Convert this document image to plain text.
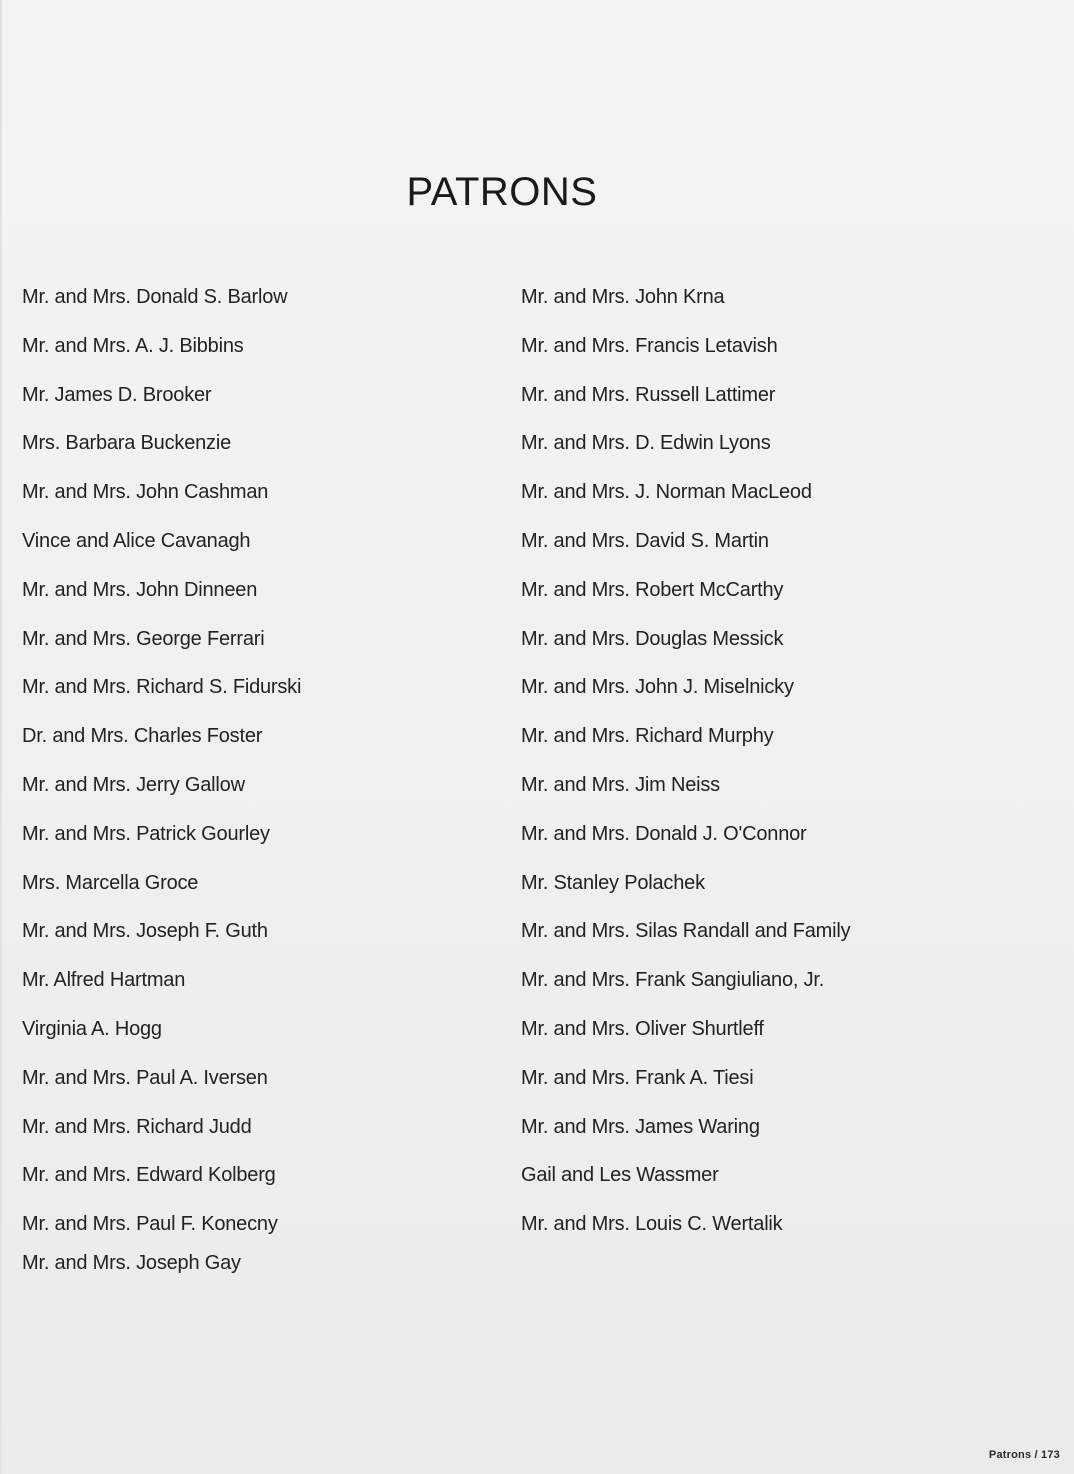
PATRONS
Mr. and Mrs. Donald S. Barlow
Mr. and Mrs. A. J. Bibbins
Mr. James D. Brooker
Mrs. Barbara Buckenzie
Mr. and Mrs. John Cashman
Vince and Alice Cavanagh
Mr. and Mrs. John Dinneen
Mr. and Mrs. George Ferrari
Mr. and Mrs. Richard S. Fidurski
Dr. and Mrs. Charles Foster
Mr. and Mrs. Jerry Gallow
Mr. and Mrs. Patrick Gourley
Mrs. Marcella Groce
Mr. and Mrs. Joseph F. Guth
Mr. Alfred Hartman
Virginia A. Hogg
Mr. and Mrs. Paul A. Iversen
Mr. and Mrs. Richard Judd
Mr. and Mrs. Edward Kolberg
Mr. and Mrs. Paul F. Konecny
Mr. and Mrs. Joseph Gay
Mr. and Mrs. John Krna
Mr. and Mrs. Francis Letavish
Mr. and Mrs. Russell Lattimer
Mr. and Mrs. D. Edwin Lyons
Mr. and Mrs. J. Norman MacLeod
Mr. and Mrs. David S. Martin
Mr. and Mrs. Robert McCarthy
Mr. and Mrs. Douglas Messick
Mr. and Mrs. John J. Miselnicky
Mr. and Mrs. Richard Murphy
Mr. and Mrs. Jim Neiss
Mr. and Mrs. Donald J. O'Connor
Mr. Stanley Polachek
Mr. and Mrs. Silas Randall and Family
Mr. and Mrs. Frank Sangiuliano, Jr.
Mr. and Mrs. Oliver Shurtleff
Mr. and Mrs. Frank A. Tiesi
Mr. and Mrs. James Waring
Gail and Les Wassmer
Mr. and Mrs. Louis C. Wertalik
Patrons / 173
